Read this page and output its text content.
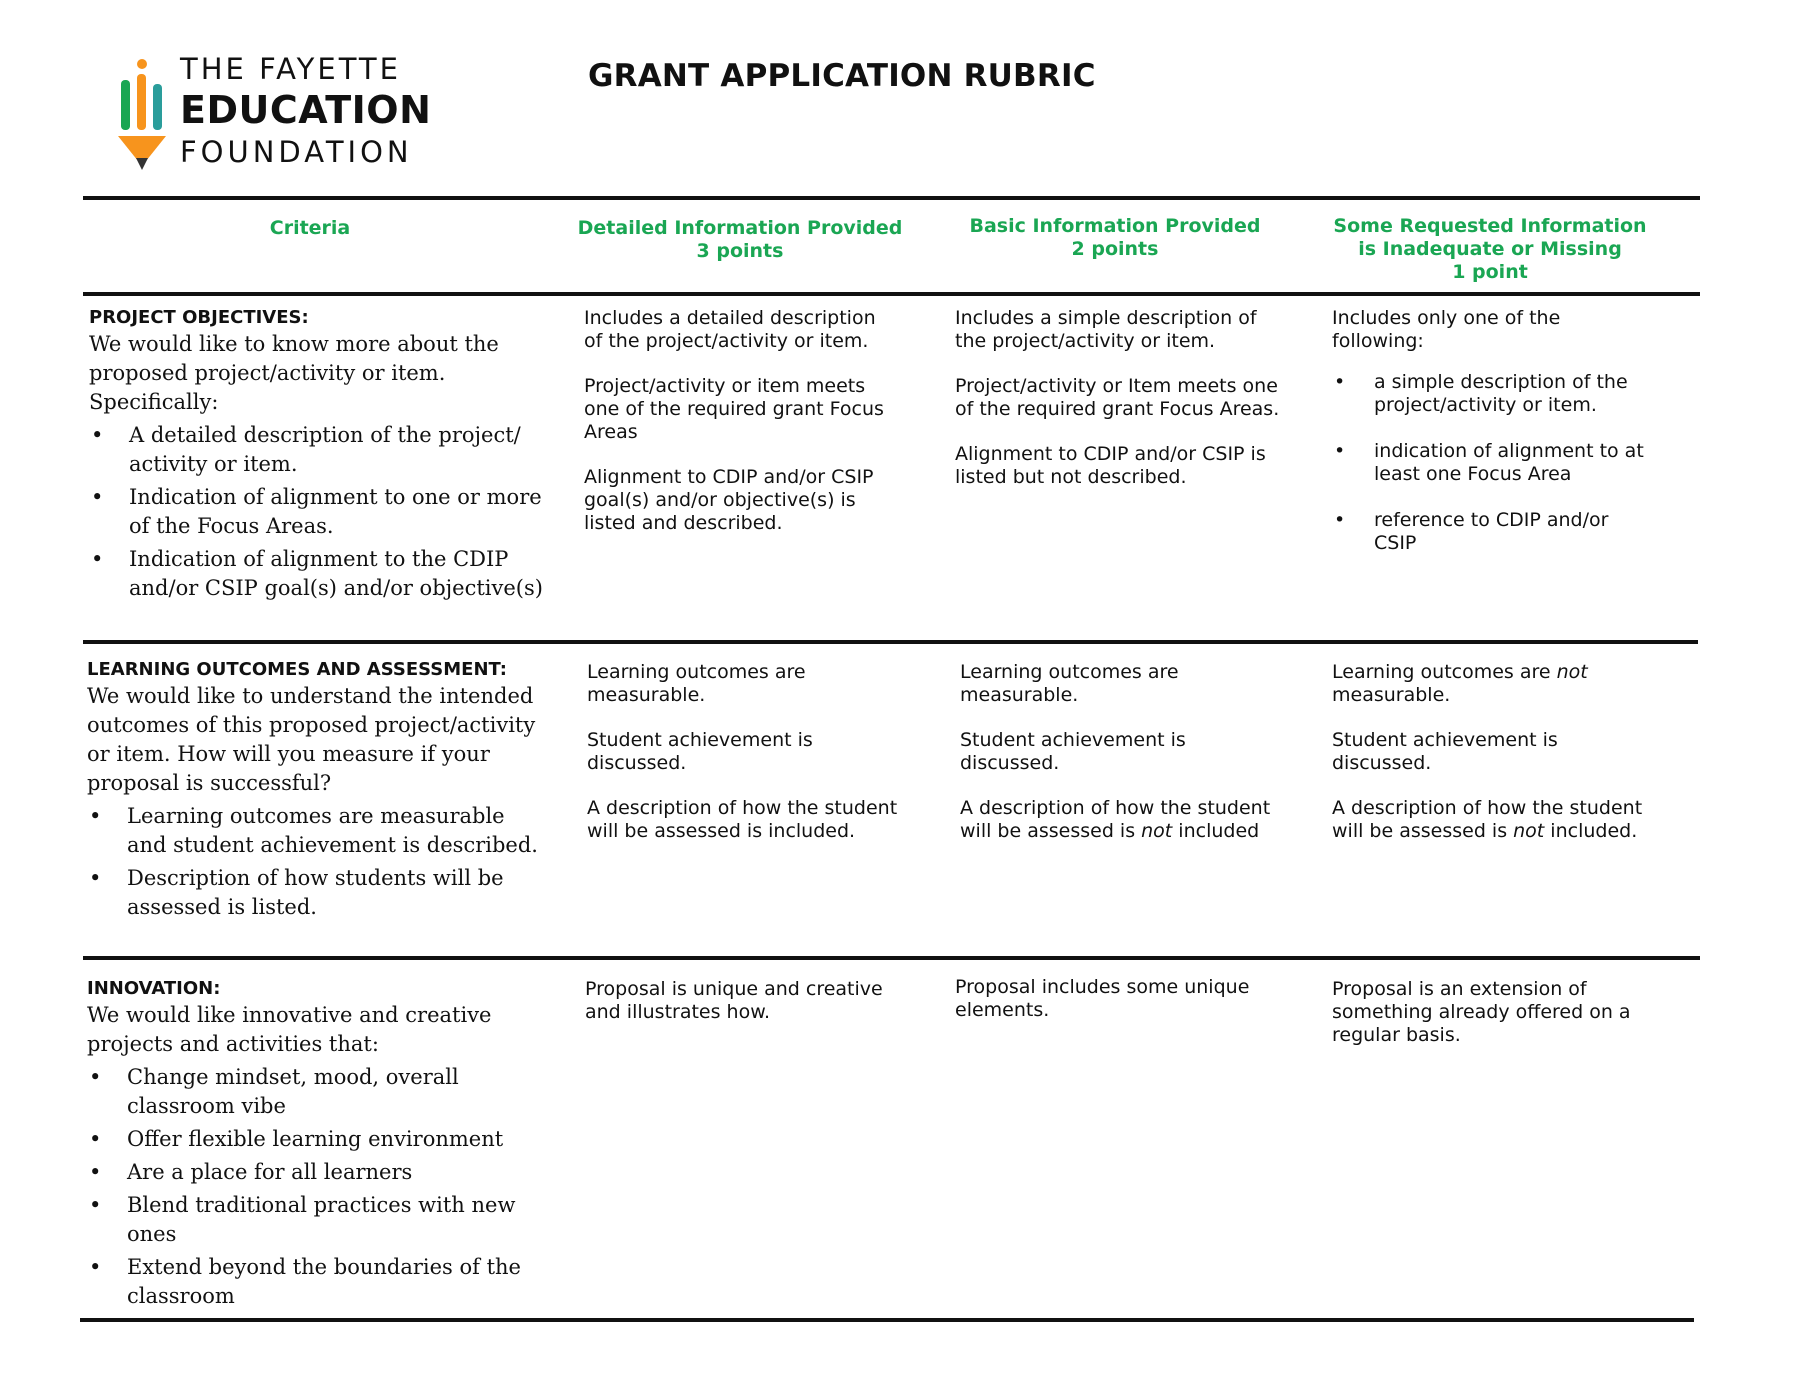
THE FAYETTE
EDUCATION
FOUNDATION
GRANT APPLICATION RUBRIC
Criteria	Detailed Information Provided
3 points
Basic Information Provided
2 points
Some Requested Information
is Inadequate or Missing
1 point
PROJECT OBJECTIVES:
We would like to know more about the proposed project/activity or item. Specifically:
• A detailed description of the project/ activity or item.
• Indication of alignment to one or more of the Focus Areas.
• Indication of alignment to the CDIP and/or CSIP goal(s) and/or objective(s)

Includes a detailed description of the project/activity or item.

Project/activity or item meets one of the required grant Focus Areas

Alignment to CDIP and/or CSIP goal(s) and/or objective(s) is listed and described.

Includes a simple description of the project/activity or item.

Project/activity or Item meets one of the required grant Focus Areas.

Alignment to CDIP and/or CSIP is listed but not described.

Includes only one of the following:
• a simple description of the project/activity or item.
• indication of alignment to at least one Focus Area
• reference to CDIP and/or CSIP
LEARNING OUTCOMES AND ASSESSMENT:
We would like to understand the intended outcomes of this proposed project/activity or item. How will you measure if your proposal is successful?
• Learning outcomes are measurable and student achievement is described.
• Description of how students will be assessed is listed.

Learning outcomes are measurable.

Student achievement is discussed.

A description of how the student will be assessed is included.

Learning outcomes are measurable.

Student achievement is discussed.

A description of how the student will be assessed is not included

Learning outcomes are not measurable.

Student achievement is discussed.

A description of how the student will be assessed is not included.

INNOVATION:
We would like innovative and creative projects and activities that:
• Change mindset, mood, overall classroom vibe
• Offer flexible learning environment
• Are a place for all learners
• Blend traditional practices with new ones
• Extend beyond the boundaries of the classroom

Proposal is unique and creative and illustrates how.

Proposal includes some unique elements.

Proposal is an extension of something already offered on a regular basis.
